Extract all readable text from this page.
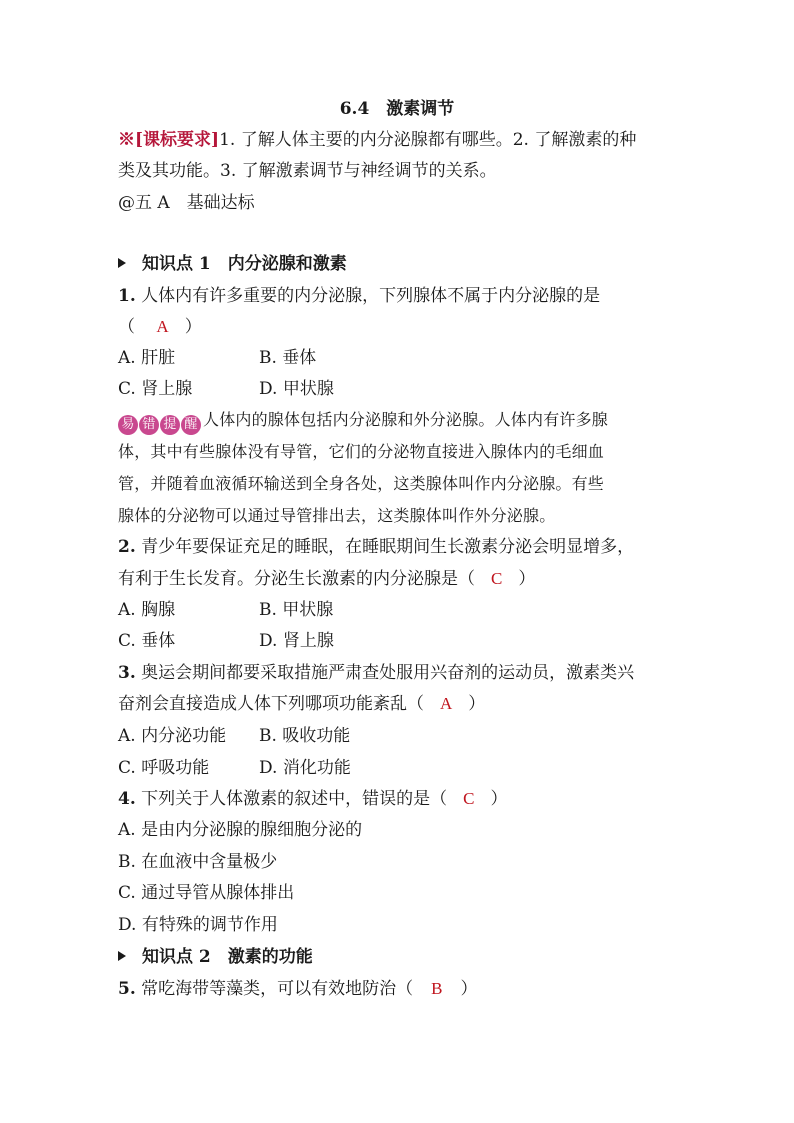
6.4　激素调节
※[课标要求]1. 了解人体主要的内分泌腺都有哪些。2. 了解激素的种
类及其功能。3. 了解激素调节与神经调节的关系。
@五 A　基础达标
知识点 1　内分泌腺和激素
1. 人体内有许多重要的内分泌腺，下列腺体不属于内分泌腺的是
（ A ）
A. 肝脏	B. 垂体
C. 肾上腺	D. 甲状腺
易 错 提 醒 人体内的腺体包括内分泌腺和外分泌腺。人体内有许多腺
体，其中有些腺体没有导管，它们的分泌物直接进入腺体内的毛细血
管，并随着血液循环输送到全身各处，这类腺体叫作内分泌腺。有些
腺体的分泌物可以通过导管排出去，这类腺体叫作外分泌腺。
2. 青少年要保证充足的睡眠，在睡眠期间生长激素分泌会明显增多，
有利于生长发育。分泌生长激素的内分泌腺是（ C ）
A. 胸腺	B. 甲状腺
C. 垂体	D. 肾上腺
3. 奥运会期间都要采取措施严肃查处服用兴奋剂的运动员，激素类兴
奋剂会直接造成人体下列哪项功能紊乱（ A ）
A. 内分泌功能 B. 吸收功能
C. 呼吸功能	D. 消化功能
4. 下列关于人体激素的叙述中，错误的是（ C ）
A. 是由内分泌腺的腺细胞分泌的
B. 在血液中含量极少
C. 通过导管从腺体排出
D. 有特殊的调节作用
知识点 2　激素的功能
5. 常吃海带等藻类，可以有效地防治（ B ）
